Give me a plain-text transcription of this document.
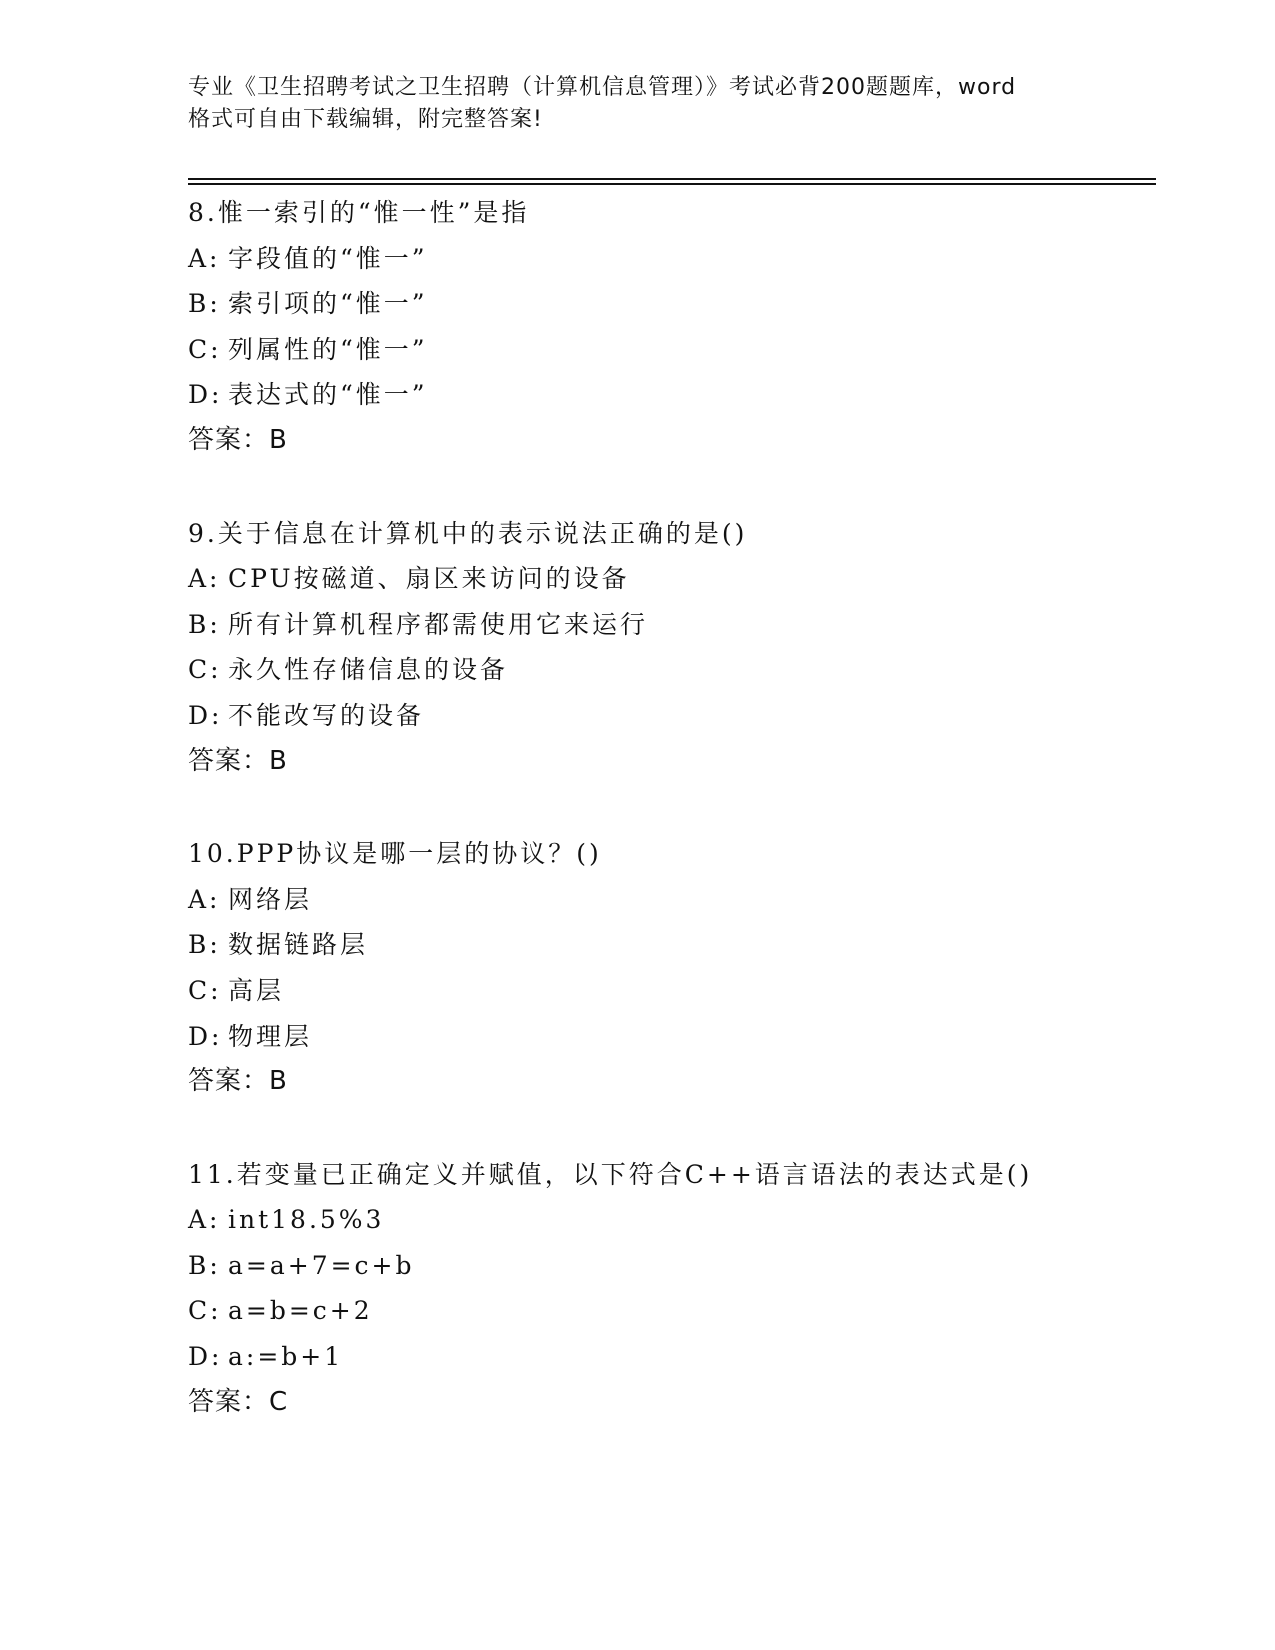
专业《卫生招聘考试之卫生招聘（计算机信息管理）》考试必背200题题库，word
格式可自由下载编辑，附完整答案!
8. 惟一索引的“惟一性”是指
A: 字段值的“惟一”
B: 索引项的“惟一”
C: 列属性的“惟一”
D: 表达式的“惟一”
答案：B
9. 关于信息在计算机中的表示说法正确的是()
A: CPU按磁道、扇区来访问的设备
B: 所有计算机程序都需使用它来运行
C: 永久性存储信息的设备
D: 不能改写的设备
答案：B
10. PPP协议是哪一层的协议？()
A: 网络层
B: 数据链路层
C: 高层
D: 物理层
答案：B
11. 若变量已正确定义并赋值，以下符合C++语言语法的表达式是()
A: int18.5%3
B: a=a+7=c+b
C: a=b=c+2
D: a:=b+1
答案：C
